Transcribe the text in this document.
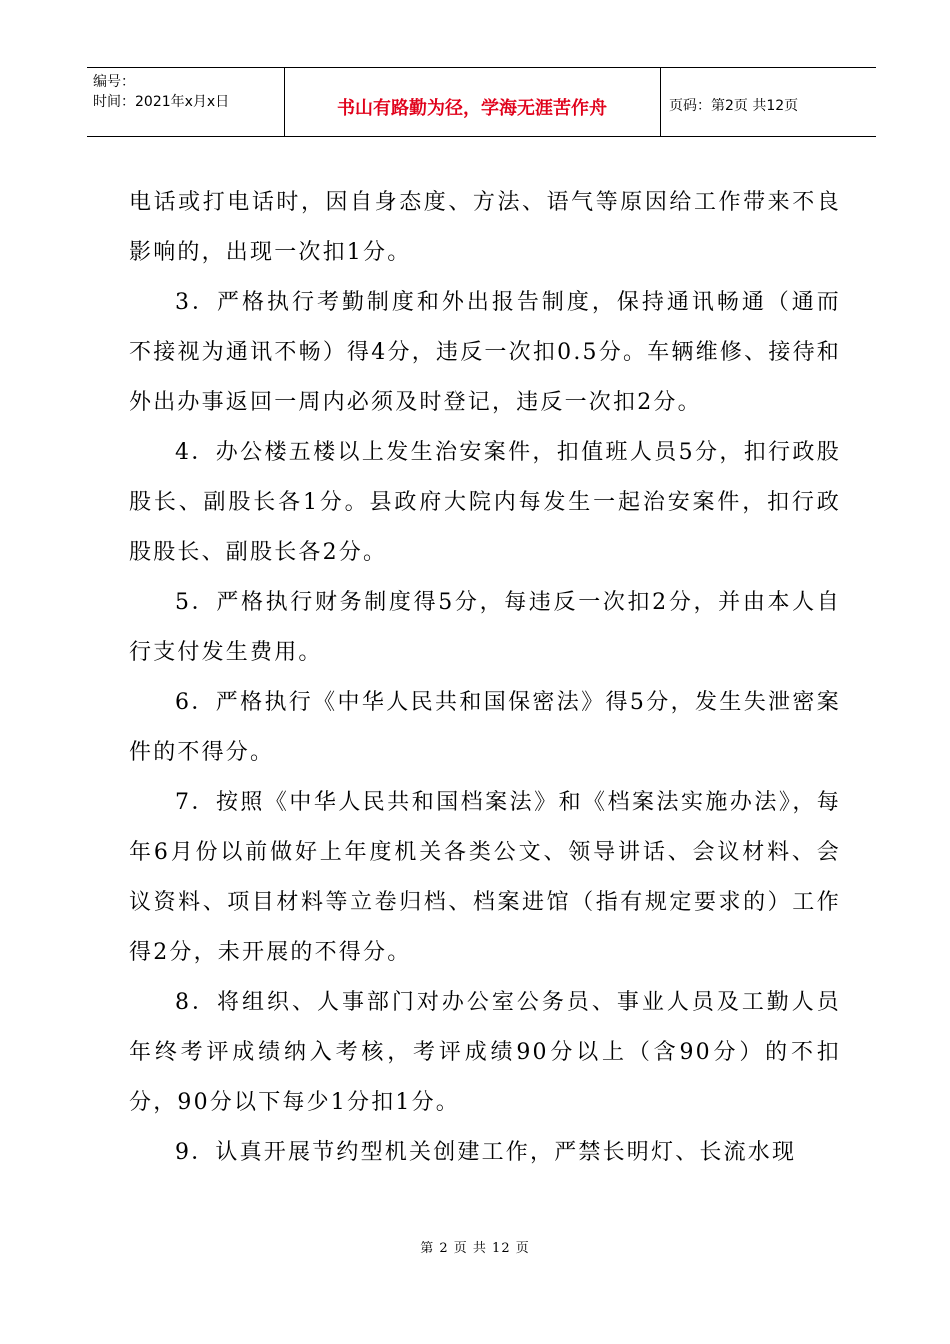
编号：
时间：2021年x月x日	书山有路勤为径，学海无涯苦作舟	页码：第2页 共12页

电话或打电话时，因自身态度、方法、语气等原因给工作带来不良影响的，出现一次扣1分。

3．严格执行考勤制度和外出报告制度，保持通讯畅通（通而不接视为通讯不畅）得4分，违反一次扣0.5分。车辆维修、接待和外出办事返回一周内必须及时登记，违反一次扣2分。

4．办公楼五楼以上发生治安案件，扣值班人员5分，扣行政股股长、副股长各1分。县政府大院内每发生一起治安案件，扣行政股股长、副股长各2分。

5．严格执行财务制度得5分，每违反一次扣2分，并由本人自行支付发生费用。

6．严格执行《中华人民共和国保密法》得5分，发生失泄密案件的不得分。

7．按照《中华人民共和国档案法》和《档案法实施办法》，每年6月份以前做好上年度机关各类公文、领导讲话、会议材料、会议资料、项目材料等立卷归档、档案进馆（指有规定要求的）工作得2分，未开展的不得分。

8．将组织、人事部门对办公室公务员、事业人员及工勤人员年终考评成绩纳入考核，考评成绩90分以上（含90分）的不扣分，90分以下每少1分扣1分。

9．认真开展节约型机关创建工作，严禁长明灯、长流水现

第 2 页 共 12 页
